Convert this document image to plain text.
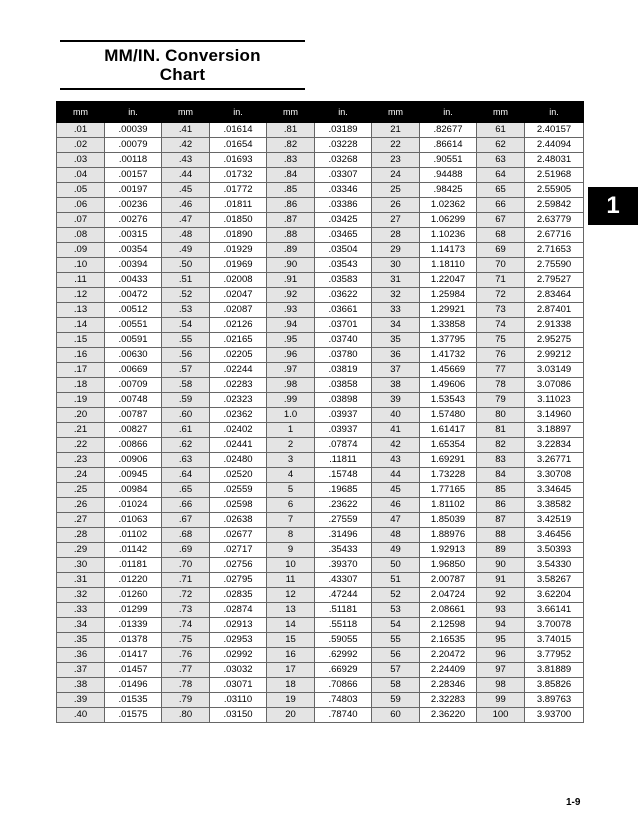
MM/IN. Conversion
Chart
1
mm	in.	mm	in.	mm	in.	mm	in.	mm	in.
.01	.00039	.41	.01614	.81	.03189	21	.82677	61	2.40157
.02	.00079	.42	.01654	.82	.03228	22	.86614	62	2.44094
.03	.00118	.43	.01693	.83	.03268	23	.90551	63	2.48031
.04	.00157	.44	.01732	.84	.03307	24	.94488	64	2.51968
.05	.00197	.45	.01772	.85	.03346	25	.98425	65	2.55905
.06	.00236	.46	.01811	.86	.03386	26	1.02362	66	2.59842
.07	.00276	.47	.01850	.87	.03425	27	1.06299	67	2.63779
.08	.00315	.48	.01890	.88	.03465	28	1.10236	68	2.67716
.09	.00354	.49	.01929	.89	.03504	29	1.14173	69	2.71653
.10	.00394	.50	.01969	.90	.03543	30	1.18110	70	2.75590
.11	.00433	.51	.02008	.91	.03583	31	1.22047	71	2.79527
.12	.00472	.52	.02047	.92	.03622	32	1.25984	72	2.83464
.13	.00512	.53	.02087	.93	.03661	33	1.29921	73	2.87401
.14	.00551	.54	.02126	.94	.03701	34	1.33858	74	2.91338
.15	.00591	.55	.02165	.95	.03740	35	1.37795	75	2.95275
.16	.00630	.56	.02205	.96	.03780	36	1.41732	76	2.99212
.17	.00669	.57	.02244	.97	.03819	37	1.45669	77	3.03149
.18	.00709	.58	.02283	.98	.03858	38	1.49606	78	3.07086
.19	.00748	.59	.02323	.99	.03898	39	1.53543	79	3.11023
.20	.00787	.60	.02362	1.0	.03937	40	1.57480	80	3.14960
.21	.00827	.61	.02402	1	.03937	41	1.61417	81	3.18897
.22	.00866	.62	.02441	2	.07874	42	1.65354	82	3.22834
.23	.00906	.63	.02480	3	.11811	43	1.69291	83	3.26771
.24	.00945	.64	.02520	4	.15748	44	1.73228	84	3.30708
.25	.00984	.65	.02559	5	.19685	45	1.77165	85	3.34645
.26	.01024	.66	.02598	6	.23622	46	1.81102	86	3.38582
.27	.01063	.67	.02638	7	.27559	47	1.85039	87	3.42519
.28	.01102	.68	.02677	8	.31496	48	1.88976	88	3.46456
.29	.01142	.69	.02717	9	.35433	49	1.92913	89	3.50393
.30	.01181	.70	.02756	10	.39370	50	1.96850	90	3.54330
.31	.01220	.71	.02795	11	.43307	51	2.00787	91	3.58267
.32	.01260	.72	.02835	12	.47244	52	2.04724	92	3.62204
.33	.01299	.73	.02874	13	.51181	53	2.08661	93	3.66141
.34	.01339	.74	.02913	14	.55118	54	2.12598	94	3.70078
.35	.01378	.75	.02953	15	.59055	55	2.16535	95	3.74015
.36	.01417	.76	.02992	16	.62992	56	2.20472	96	3.77952
.37	.01457	.77	.03032	17	.66929	57	2.24409	97	3.81889
.38	.01496	.78	.03071	18	.70866	58	2.28346	98	3.85826
.39	.01535	.79	.03110	19	.74803	59	2.32283	99	3.89763
.40	.01575	.80	.03150	20	.78740	60	2.36220	100	3.93700
1-9
